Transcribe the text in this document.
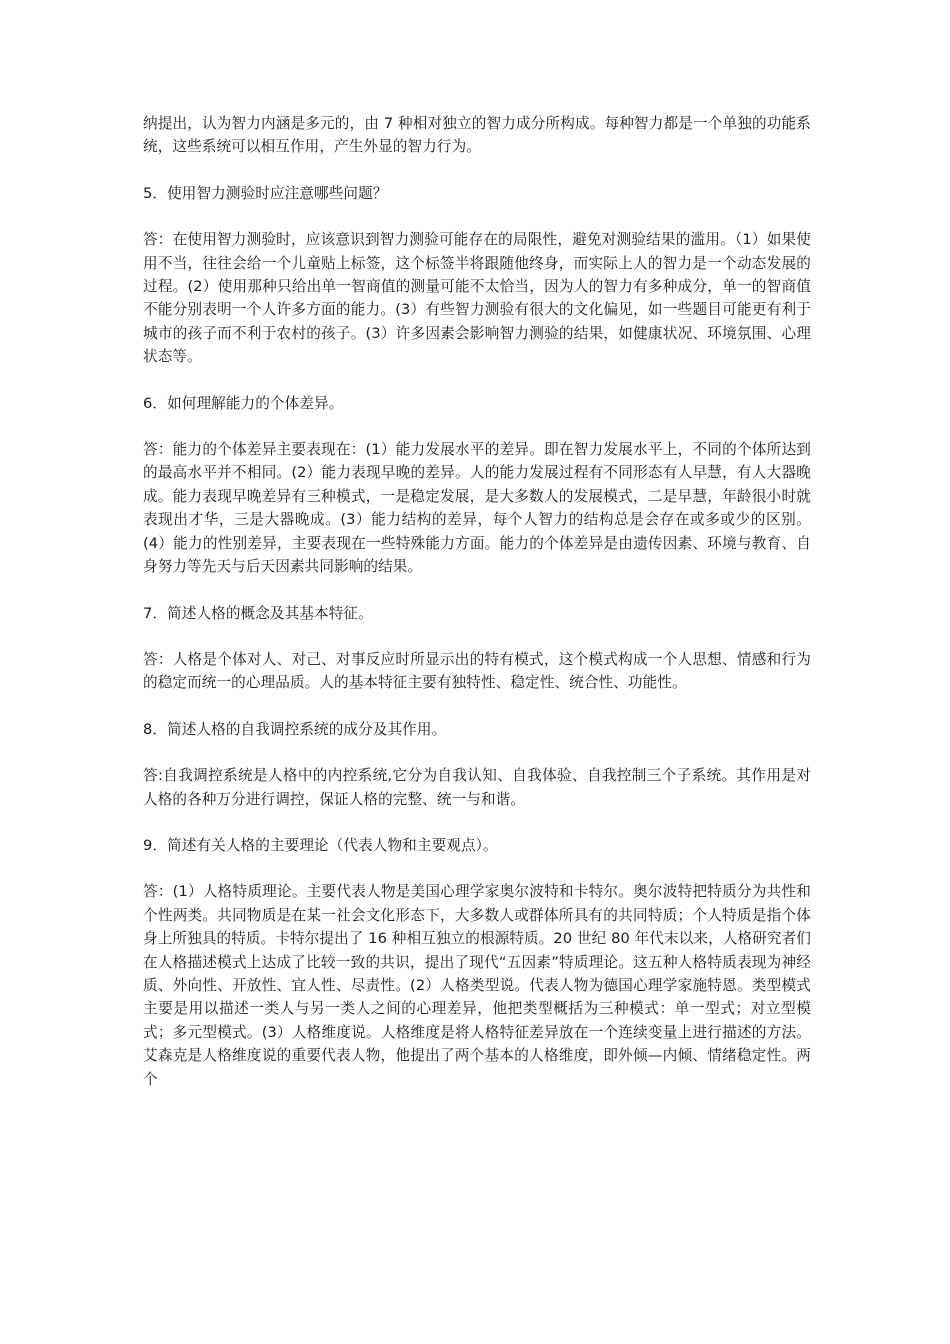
纳提出，认为智力内涵是多元的，由 7 种相对独立的智力成分所构成。每种智力都是一个单独的功能系统，这些系统可以相互作用，产生外显的智力行为。

5．使用智力测验时应注意哪些问题？

答：在使用智力测验时，应该意识到智力测验可能存在的局限性，避免对测验结果的滥用。（1）如果使用不当，往往会给一个儿童贴上标签，这个标签半将跟随他终身，而实际上人的智力是一个动态发展的过程。(2）使用那种只给出单一智商值的测量可能不太恰当，因为人的智力有多种成分，单一的智商值不能分别表明一个人许多方面的能力。(3）有些智力测验有很大的文化偏见，如一些题目可能更有利于城市的孩子而不利于农村的孩子。(3）许多因素会影响智力测验的结果，如健康状况、环境氛围、心理状态等。

6．如何理解能力的个体差异。

答：能力的个体差异主要表现在：(1）能力发展水平的差异。即在智力发展水平上，不同的个体所达到的最高水平并不相同。(2）能力表现早晚的差异。人的能力发展过程有不同形态有人早慧，有人大器晚成。能力表现早晚差异有三种模式，一是稳定发展，是大多数人的发展模式，二是早慧，年龄很小时就表现出才华，三是大器晚成。(3）能力结构的差异，每个人智力的结构总是会存在或多或少的区别。(4）能力的性别差异，主要表现在一些特殊能力方面。能力的个体差异是由遗传因素、环境与教育、自身努力等先天与后天因素共同影响的结果。

7．简述人格的概念及其基本特征。

答：人格是个体对人、对己、对事反应时所显示出的特有模式，这个模式构成一个人思想、情感和行为的稳定而统一的心理品质。人的基本特征主要有独特性、稳定性、统合性、功能性。

8．简述人格的自我调控系统的成分及其作用。

答:自我调控系统是人格中的内控系统,它分为自我认知、自我体验、自我控制三个子系统。其作用是对人格的各种万分进行调控，保证人格的完整、统一与和谐。

9．简述有关人格的主要理论（代表人物和主要观点）。

答：(1）人格特质理论。主要代表人物是美国心理学家奥尔波特和卡特尔。奥尔波特把特质分为共性和个性两类。共同物质是在某一社会文化形态下，大多数人或群体所具有的共同特质；个人特质是指个体身上所独具的特质。卡特尔提出了 16 种相互独立的根源特质。20 世纪 80 年代末以来，人格研究者们在人格描述模式上达成了比较一致的共识，提出了现代“五因素”特质理论。这五种人格特质表现为神经质、外向性、开放性、宜人性、尽责性。(2）人格类型说。代表人物为德国心理学家施特恩。类型模式主要是用以描述一类人与另一类人之间的心理差异，他把类型概括为三种模式：单一型式；对立型模式；多元型模式。(3）人格维度说。人格维度是将人格特征差异放在一个连续变量上进行描述的方法。艾森克是人格维度说的重要代表人物，他提出了两个基本的人格维度，即外倾—内倾、情绪稳定性。两个
